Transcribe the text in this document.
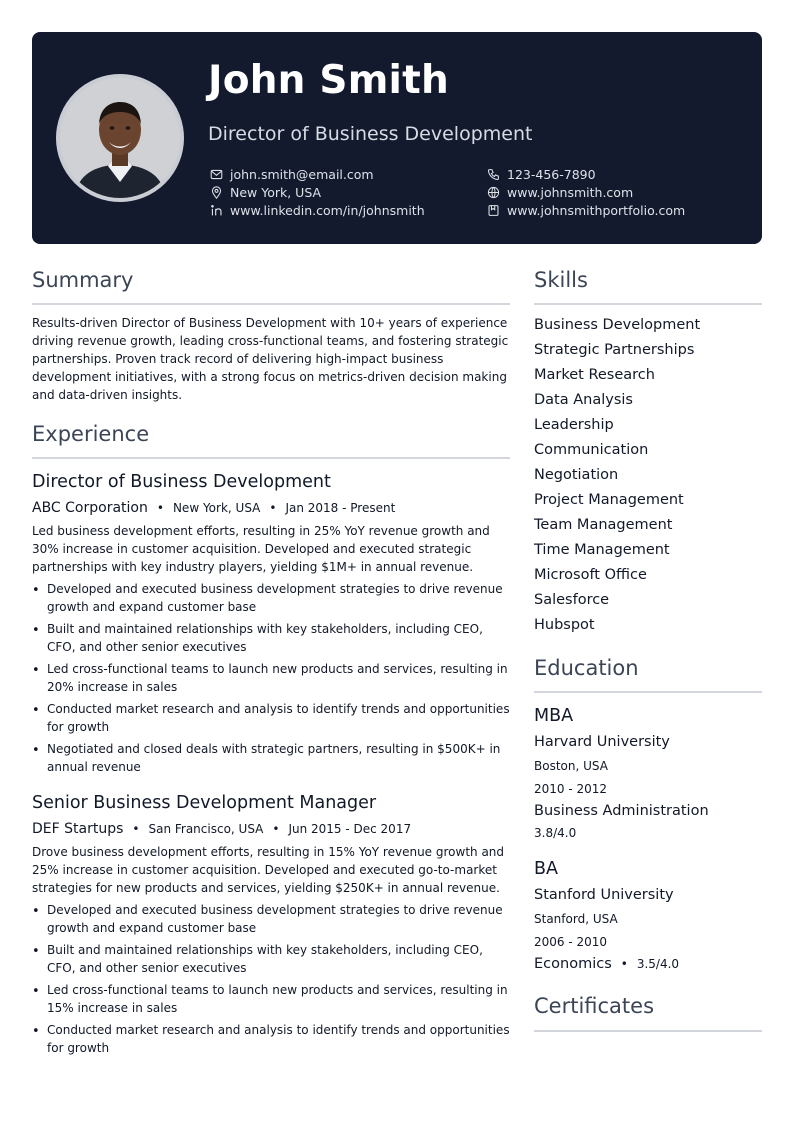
John Smith
Director of Business Development
john.smith@email.com
New York, USA
www.linkedin.com/in/johnsmith
123-456-7890
www.johnsmith.com
www.johnsmithportfolio.com
Summary

Results-driven Director of Business Development with 10+ years of experience driving revenue growth, leading cross-functional teams, and fostering strategic partnerships. Proven track record of delivering high-impact business development initiatives, with a strong focus on metrics-driven decision making and data-driven insights.

Experience
Director of Business Development
ABC Corporation • New York, USA • Jan 2018 - Present

Led business development efforts, resulting in 25% YoY revenue growth and 30% increase in customer acquisition. Developed and executed strategic partnerships with key industry players, yielding $1M+ in annual revenue.

• Developed and executed business development strategies to drive revenue growth and expand customer base
• Built and maintained relationships with key stakeholders, including CEO, CFO, and other senior executives
• Led cross-functional teams to launch new products and services, resulting in 20% increase in sales
• Conducted market research and analysis to identify trends and opportunities for growth
• Negotiated and closed deals with strategic partners, resulting in $500K+ in annual revenue
Senior Business Development Manager
DEF Startups • San Francisco, USA • Jun 2015 - Dec 2017

Drove business development efforts, resulting in 15% YoY revenue growth and 25% increase in customer acquisition. Developed and executed go-to-market strategies for new products and services, yielding $250K+ in annual revenue.

• Developed and executed business development strategies to drive revenue growth and expand customer base
• Built and maintained relationships with key stakeholders, including CEO, CFO, and other senior executives
• Led cross-functional teams to launch new products and services, resulting in 15% increase in sales
• Conducted market research and analysis to identify trends and opportunities for growth
Skills
Business Development
Strategic Partnerships
Market Research
Data Analysis
Leadership
Communication
Negotiation
Project Management
Team Management
Time Management
Microsoft Office
Salesforce
Hubspot
Education
MBA
Harvard University
Boston, USA
2010 - 2012
Business Administration
3.8/4.0
BA
Stanford University
Stanford, USA
2006 - 2010
Economics • 3.5/4.0
Certificates
